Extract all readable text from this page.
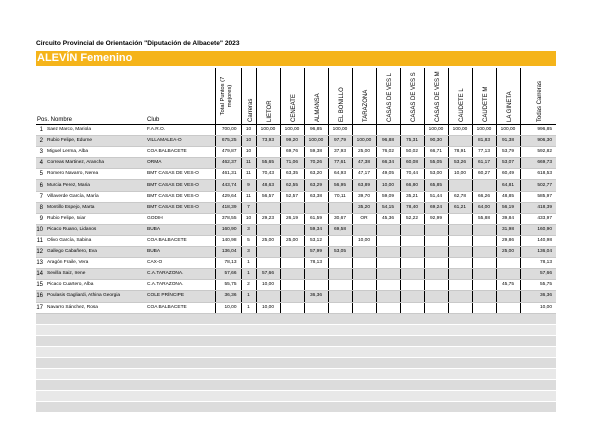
Circuito Provincial de Orientación "Diputación de Albacete" 2023
ALEVÍN Femenino
Pos. Nombre		Club	Total Puntos (7 mejores)	Carreras	LIETOR	CENEATE	ALMANSA	EL BONILLO	TARAZONA	CASAS DE VES L	CASAS DE VES S	CASAS DE VES M	CAUDETE L	CAUDETE M	LA GINETA	Todas Carreras

1	Saez Marco, Mariola	F.A.R.O.	700,00	10	100,00	100,00	96,85	100,00				100,00	100,00	100,00	100,00	996,85
2	Rubio Felipe, Edurne	VILLAMALEA-O	675,25	10	73,93	99,20	100,00	97,79	100,00	96,88	75,31	90,30		81,83	91,38	906,30
3	Miguel Lerma, Alba	COA BALBACETE	479,87	10		69,76	59,38	37,93	25,00	76,02	50,02	66,71	78,91	77,13	53,79	592,82
4	Correas Martinez, Arancha	ORMA	462,37	11	55,65	71,06	70,26	77,61	47,38	66,34	60,08	55,05	53,26	61,17	53,07	669,73
5	Romero Navarro, Nerea	BMT CASAS DE VES-O	461,31	11	70,43	63,35	63,20	64,93	47,17	49,05	70,44	53,00	10,00	60,27	60,49	618,53
6	Murcia Perez, Maria	BMT CASAS DE VES-O	443,74	9	48,63	62,55	63,29	56,95	63,89	10,00	66,80	65,85			64,81	502,77
7	Villaverde García, María	BMT CASAS DE VES-O	429,64	11	56,57	52,57	63,38	70,11	39,70	59,09	35,21	51,44	62,78	66,26	48,85	585,97
8	Montillo Espejo, Marta	BMT CASAS DE VES-O	418,39	7					35,20	54,15	78,40	69,24	61,21	64,00	56,19	418,39
9	Rubio Felipe, Ixiar	GODIH	378,55	10	29,23	26,19	61,59	30,67	OR	45,36	52,22	92,99		55,88	39,84	433,97
10	Picaco Ruano, Lidanos	BUBA	160,90	3			59,34	69,58							31,98	160,90
11	Olivo García, Sabina	COA BALBACETE	140,98	5	25,00	25,00	53,12		10,00						29,86	140,98
12	Gallego Cabañero, Eva	BUBA	136,04	3			57,99	53,05							25,00	136,04
13	Aragón Fraile, Vera	CAX-O	78,13	1			78,13									78,13
14	Sevilla Saiz, Irene	C.A.TARAZONA.	57,66	1	57,66											57,66
15	Picaco Cuartero, Alba	C.A.TARAZONA.	55,75	2	10,00										45,75	55,75
16	Poulasis Gagliardi, Athina Georgia	COLE PRÍNCIPE	36,36	1			36,36									36,36
17	Navarro Sánchez, Rosa	COA BALBACETE	10,00	1	10,00											10,00
